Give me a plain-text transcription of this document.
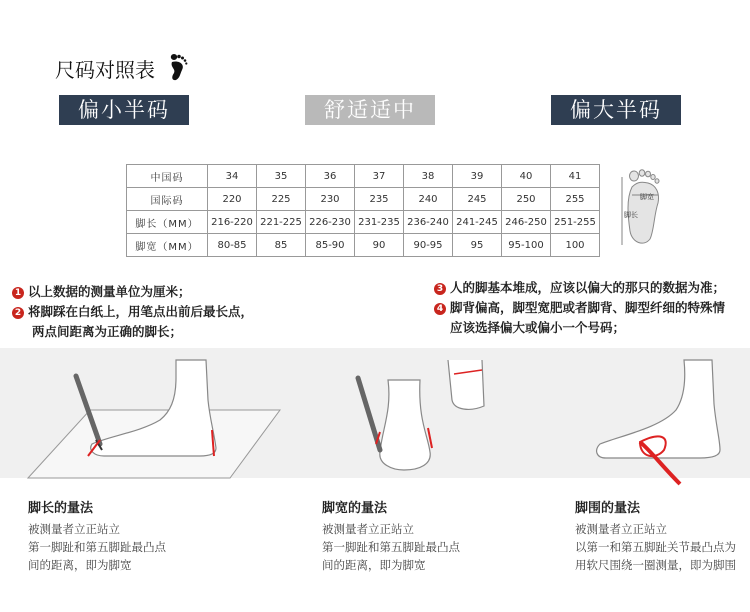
尺码对照表
偏小半码	舒适适中	偏大半码
中国码	34	35	36	37	38	39	40	41
国际码	220	225	230	235	240	245	250	255
脚长（MM）	216-220	221-225	226-230	231-235	236-240	241-245	246-250	251-255
脚宽（MM）	80-85	85	85-90	90	90-95	95	95-100	100
脚宽
脚长
1 以上数据的测量单位为厘米；
2 将脚踩在白纸上，用笔点出前后最长点，
两点间距离为正确的脚长；
3 人的脚基本堆成，应该以偏大的那只的数据为准；
4 脚背偏高，脚型宽肥或者脚背、脚型纤细的特殊情
应该选择偏大或偏小一个号码；
脚长的量法
被测量者立正站立
第一脚趾和第五脚趾最凸点
间的距离，即为脚宽
脚宽的量法
被测量者立正站立
第一脚趾和第五脚趾最凸点
间的距离，即为脚宽
脚围的量法
被测量者立正站立
以第一和第五脚趾关节最凸点为
用软尺围绕一圈测量，即为脚围
